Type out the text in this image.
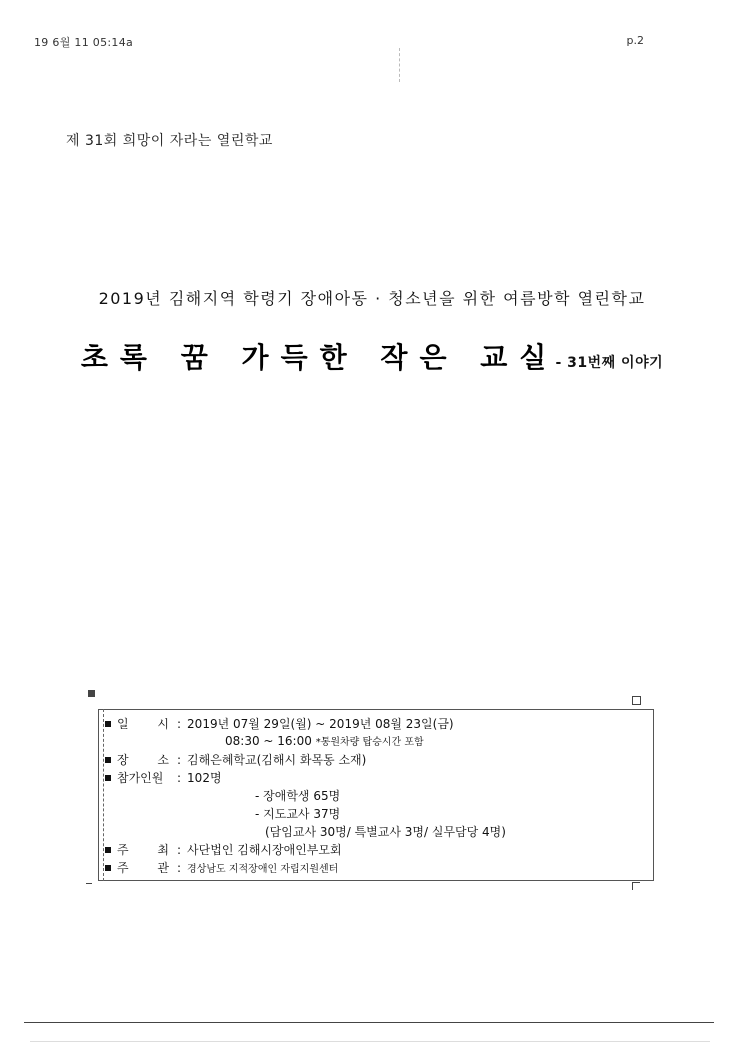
19 6월 11 05:14a	p.2
제 31회 희망이 자라는 열린학교
2019년 김해지역 학령기 장애아동 · 청소년을 위한 여름방학 열린학교
초록 꿈 가득한 작은 교실 - 31번째 이야기
일 시 : 2019년 07월 29일(월) ~ 2019년 08월 23일(금)
08:30 ~ 16:00 *통원차량 탑승시간 포함
장 소 : 김해은혜학교(김해시 화목동 소재)
참가인원 : 102명
- 장애학생 65명
- 지도교사 37명
(담임교사 30명/ 특별교사 3명/ 실무담당 4명)
주 최 : 사단법인 김해시장애인부모회
주 관 : 경상남도 지적장애인 자립지원센터
